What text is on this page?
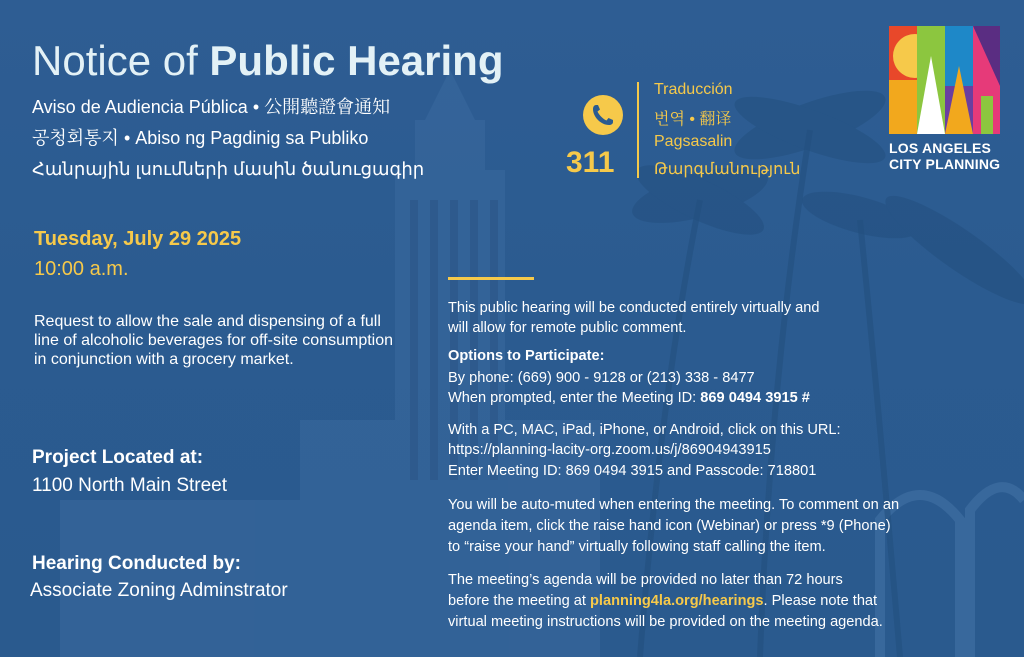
Notice of Public Hearing
Aviso de Audiencia Pública • 公開聽證會通知
공청회통지 • Abiso ng Pagdinig sa Publiko
Հանրային լսումների մասին ծանուցագիր
Tuesday, July 29 2025
10:00 a.m.
Request to allow the sale and dispensing of a full line of alcoholic beverages for off-site consumption in conjunction with a grocery market.
Project Located at:
1100 North Main Street
Hearing Conducted by:
Associate Zoning Adminstrator
311
Traducción
번역 • 翻译
Pagsasalin
Թարգմանություն
LOS ANGELES
CITY PLANNING
This public hearing will be conducted entirely virtually and
will allow for remote public comment.
Options to Participate:
By phone: (669) 900 - 9128 or (213) 338 - 8477
When prompted, enter the Meeting ID: 869 0494 3915 #
With a PC, MAC, iPad, iPhone, or Android, click on this URL:
https://planning-lacity-org.zoom.us/j/86904943915
Enter Meeting ID: 869 0494 3915 and Passcode: 718801
You will be auto-muted when entering the meeting. To comment on an
agenda item, click the raise hand icon (Webinar) or press *9 (Phone)
to “raise your hand” virtually following staff calling the item.
The meeting’s agenda will be provided no later than 72 hours
before the meeting at planning4la.org/hearings. Please note that
virtual meeting instructions will be provided on the meeting agenda.
